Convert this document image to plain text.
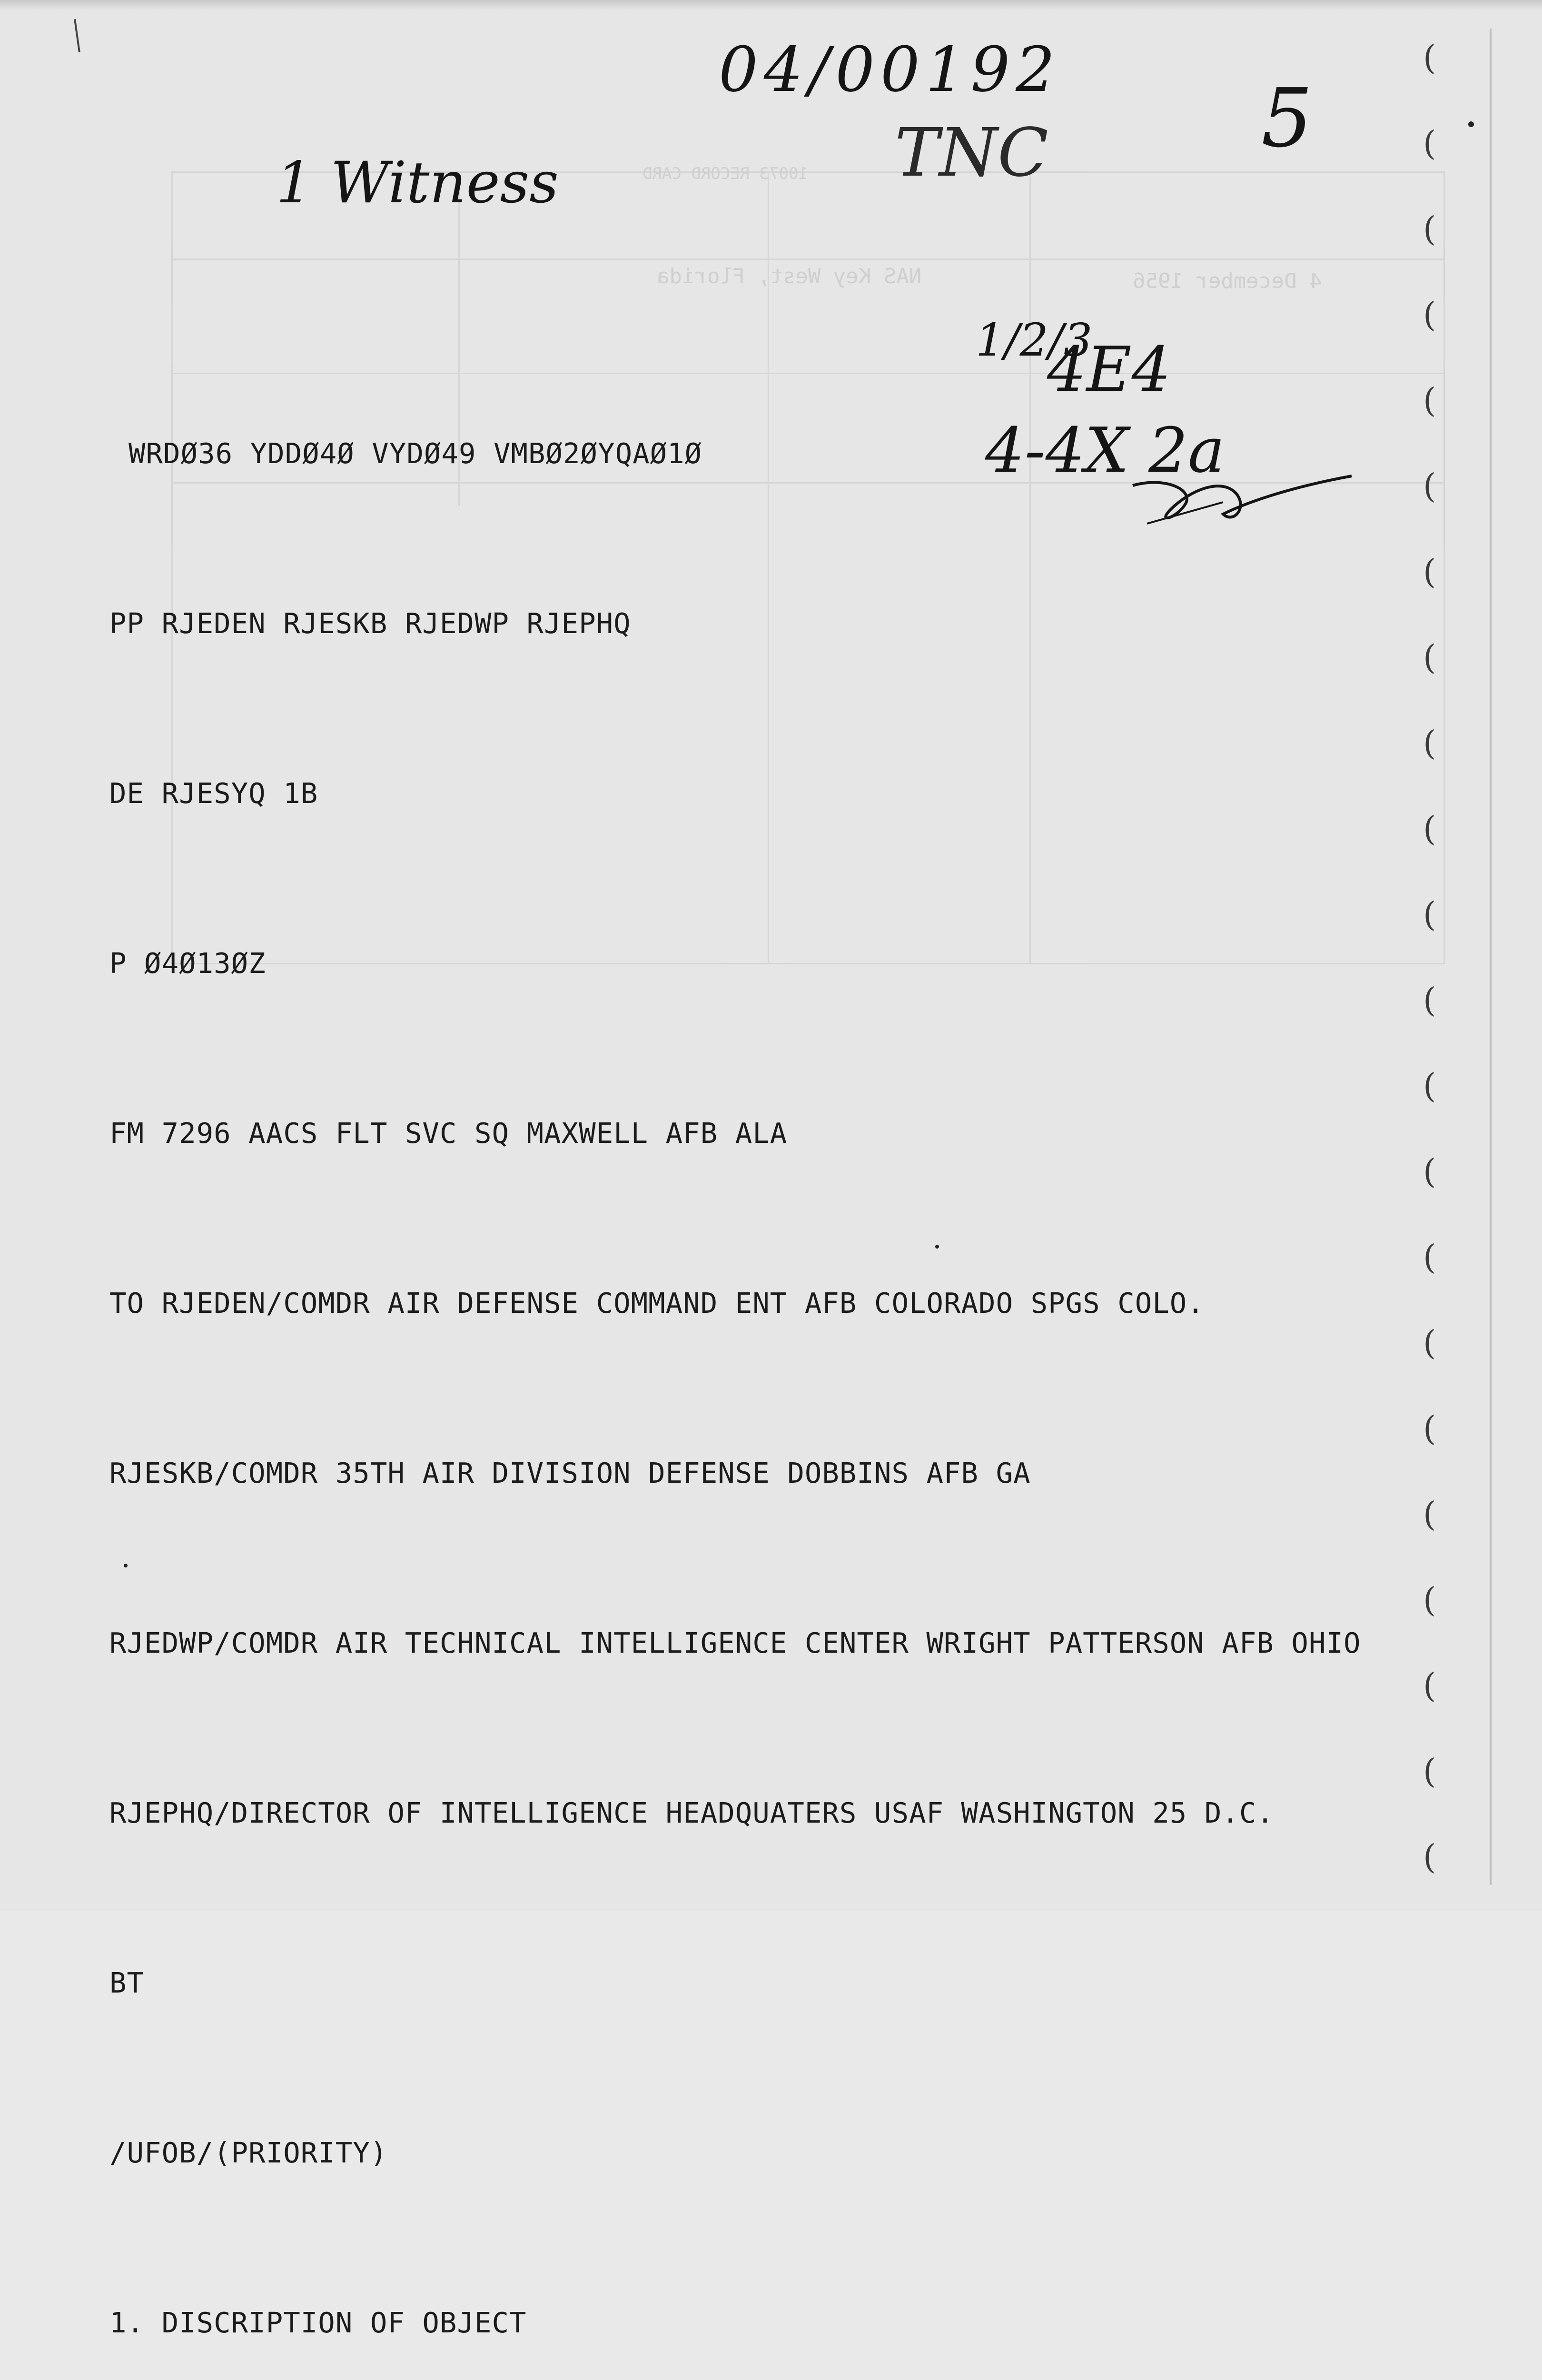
10073 RECORD CARD
NAS Key West, Florida	4 December 1956
04/00192
5
TNC
1 Witness
1/2/3
4E4
4-4X 2a

WRDØ36 YDDØ4Ø VYDØ49 VMBØ2ØYQAØ1Ø

PP RJEDEN RJESKB RJEDWP RJEPHQ

DE RJESYQ 1B

P Ø4Ø13ØZ

FM 7296 AACS FLT SVC SQ MAXWELL AFB ALA

TO RJEDEN/COMDR AIR DEFENSE COMMAND ENT AFB COLORADO SPGS COLO.

RJESKB/COMDR 35TH AIR DIVISION DEFENSE DOBBINS AFB GA

RJEDWP/COMDR AIR TECHNICAL INTELLIGENCE CENTER WRIGHT PATTERSON AFB OHIO

RJEPHQ/DIRECTOR OF INTELLIGENCE HEADQUATERS USAF WASHINGTON 25 D.C.

BT

/UFOB/(PRIORITY)

1. DISCRIPTION OF OBJECT

(
(
(
(
(
(
(
(
(
(
(
(
(
(
(
(
(
(
(
(
(
(
